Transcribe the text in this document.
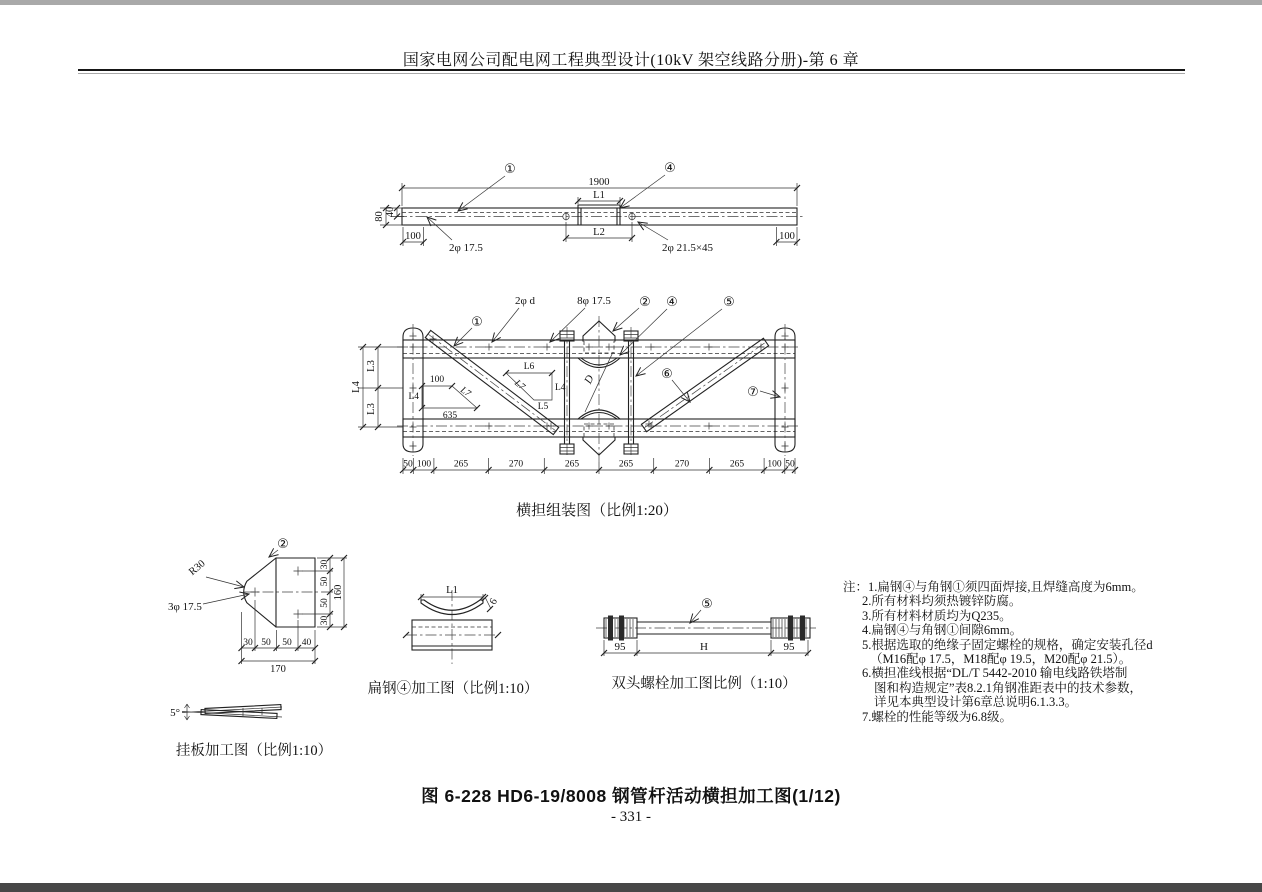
国家电网公司配电网工程典型设计(10kV 架空线路分册)-第 6 章
①	④
1900
L1
L2
100	100
80 40
2φ 17.5	2φ 21.5×45
D
100
L4	L7
635
L6
L4
L7
L5
L4
L3
L3
50 100 265	270	265	265	270	265 100 50
2φ d	8φ 17.5 ② ④	⑤
①
⑥
⑦
②
R30
3φ 17.5
30 50 50 40
170
30
50
50
30
160
5°
L1
6	⑤
95	H	95
横担组装图（比例1:20）
挂板加工图（比例1:10）
扁钢④加工图（比例1:10）	双头螺栓加工图比例（1:10）
注：1.扁钢④与角钢①须四面焊接,且焊缝高度为6mm。
2.所有材料均须热镀锌防腐。
3.所有材料材质均为Q235。
4.扁钢④与角钢①间隙6mm。
5.根据选取的绝缘子固定螺栓的规格，确定安装孔径d
（M16配φ 17.5，M18配φ 19.5，M20配φ 21.5）。
6.横担准线根据“DL/T 5442-2010 输电线路铁塔制
图和构造规定”表8.2.1角钢准距表中的技术参数，
详见本典型设计第6章总说明6.1.3.3。
7.螺栓的性能等级为6.8级。
图 6-228 HD6-19/8008 钢管杆活动横担加工图(1/12)
- 331 -
